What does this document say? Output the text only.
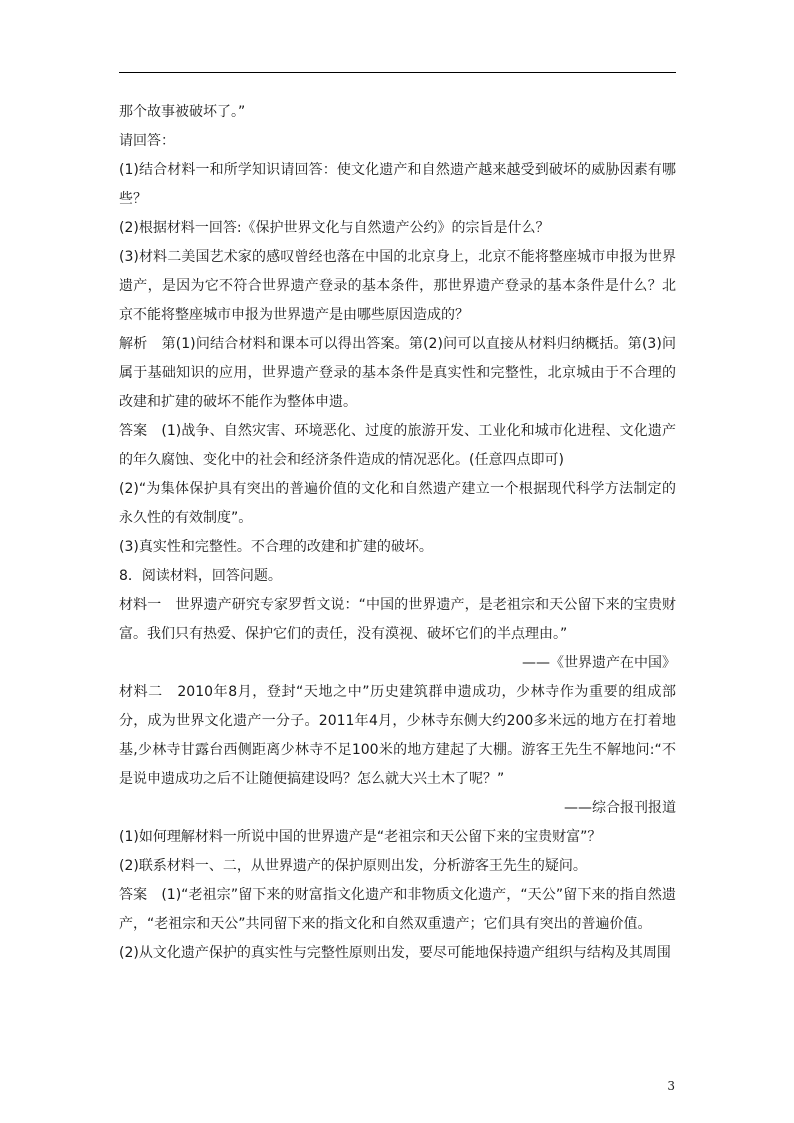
那个故事被破坏了。”

请回答：

(1)结合材料一和所学知识请回答：使文化遗产和自然遗产越来越受到破坏的威胁因素有哪些？

(2)根据材料一回答:《保护世界文化与自然遗产公约》的宗旨是什么？

(3)材料二美国艺术家的感叹曾经也落在中国的北京身上，北京不能将整座城市申报为世界遗产，是因为它不符合世界遗产登录的基本条件，那世界遗产登录的基本条件是什么？北京不能将整座城市申报为世界遗产是由哪些原因造成的？

解析　第(1)问结合材料和课本可以得出答案。第(2)问可以直接从材料归纳概括。第(3)问属于基础知识的应用，世界遗产登录的基本条件是真实性和完整性，北京城由于不合理的改建和扩建的破坏不能作为整体申遗。

答案　(1)战争、自然灾害、环境恶化、过度的旅游开发、工业化和城市化进程、文化遗产的年久腐蚀、变化中的社会和经济条件造成的情况恶化。(任意四点即可)

(2)“为集体保护具有突出的普遍价值的文化和自然遗产建立一个根据现代科学方法制定的永久性的有效制度”。

(3)真实性和完整性。不合理的改建和扩建的破坏。

8．阅读材料，回答问题。

材料一　世界遗产研究专家罗哲文说：“中国的世界遗产，是老祖宗和天公留下来的宝贵财富。我们只有热爱、保护它们的责任，没有漠视、破坏它们的半点理由。”

——《世界遗产在中国》

材料二　2010年8月，登封“天地之中”历史建筑群申遗成功，少林寺作为重要的组成部分，成为世界文化遗产一分子。2011年4月，少林寺东侧大约200多米远的地方在打着地基,少林寺甘露台西侧距离少林寺不足100米的地方建起了大棚。游客王先生不解地问:“不是说申遗成功之后不让随便搞建设吗？怎么就大兴土木了呢？”

——综合报刊报道

(1)如何理解材料一所说中国的世界遗产是“老祖宗和天公留下来的宝贵财富”？

(2)联系材料一、二，从世界遗产的保护原则出发，分析游客王先生的疑问。

答案　(1)“老祖宗”留下来的财富指文化遗产和非物质文化遗产，“天公”留下来的指自然遗产，“老祖宗和天公”共同留下来的指文化和自然双重遗产；它们具有突出的普遍价值。

(2)从文化遗产保护的真实性与完整性原则出发，要尽可能地保持遗产组织与结构及其周围

3
